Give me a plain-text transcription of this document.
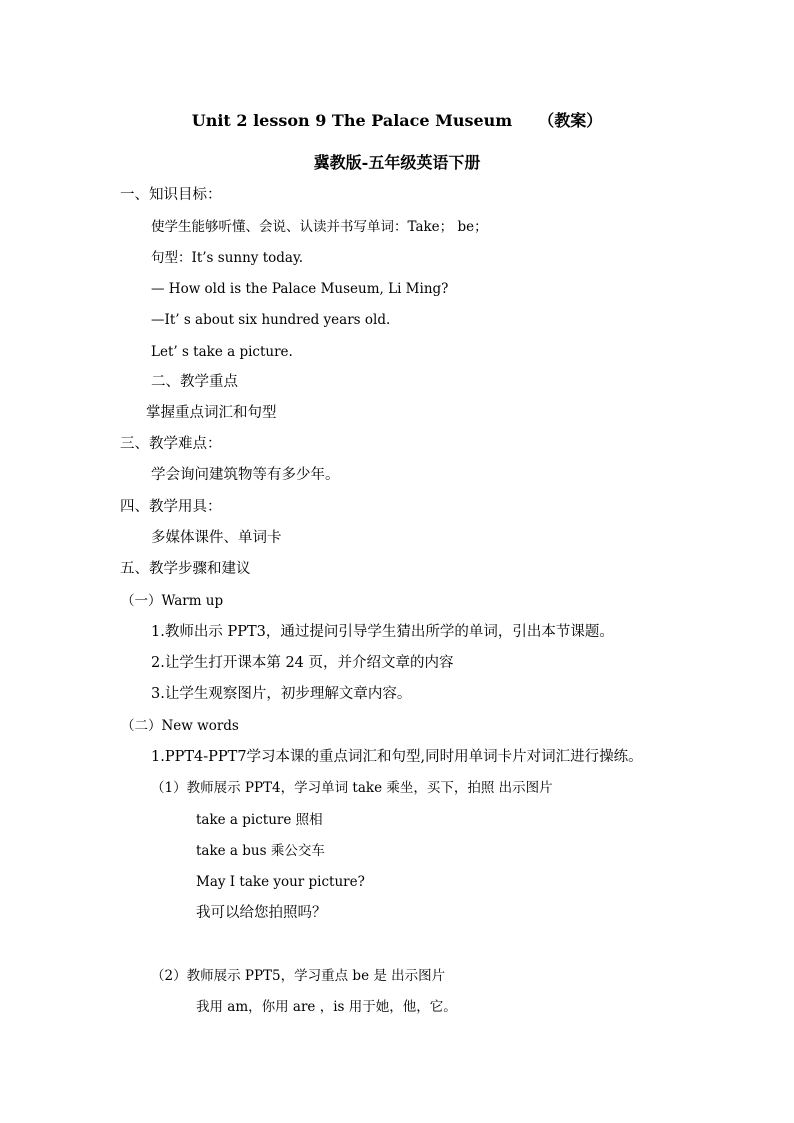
Unit 2 lesson 9 The Palace Museum （教案）
冀教版-五年级英语下册
一、知识目标：
使学生能够听懂、会说、认读并书写单词：Take； be；
句型：It’s sunny today.
— How old is the Palace Museum, Li Ming?
—It’ s about six hundred years old.
Let’ s take a picture.
二、教学重点
掌握重点词汇和句型
三、教学难点：
学会询问建筑物等有多少年。
四、教学用具：
多媒体课件、单词卡
五、教学步骤和建议
（一）Warm up
1.教师出示 PPT3，通过提问引导学生猜出所学的单词，引出本节课题。
2.让学生打开课本第 24 页，并介绍文章的内容
3.让学生观察图片，初步理解文章内容。
（二）New words
1.PPT4-PPT7学习本课的重点词汇和句型,同时用单词卡片对词汇进行操练。
（1）教师展示 PPT4，学习单词 take 乘坐，买下，拍照 出示图片
take a picture 照相
take a bus 乘公交车
May I take your picture?
我可以给您拍照吗？
（2）教师展示 PPT5，学习重点 be 是 出示图片
我用 am，你用 are ，is 用于她，他，它。
